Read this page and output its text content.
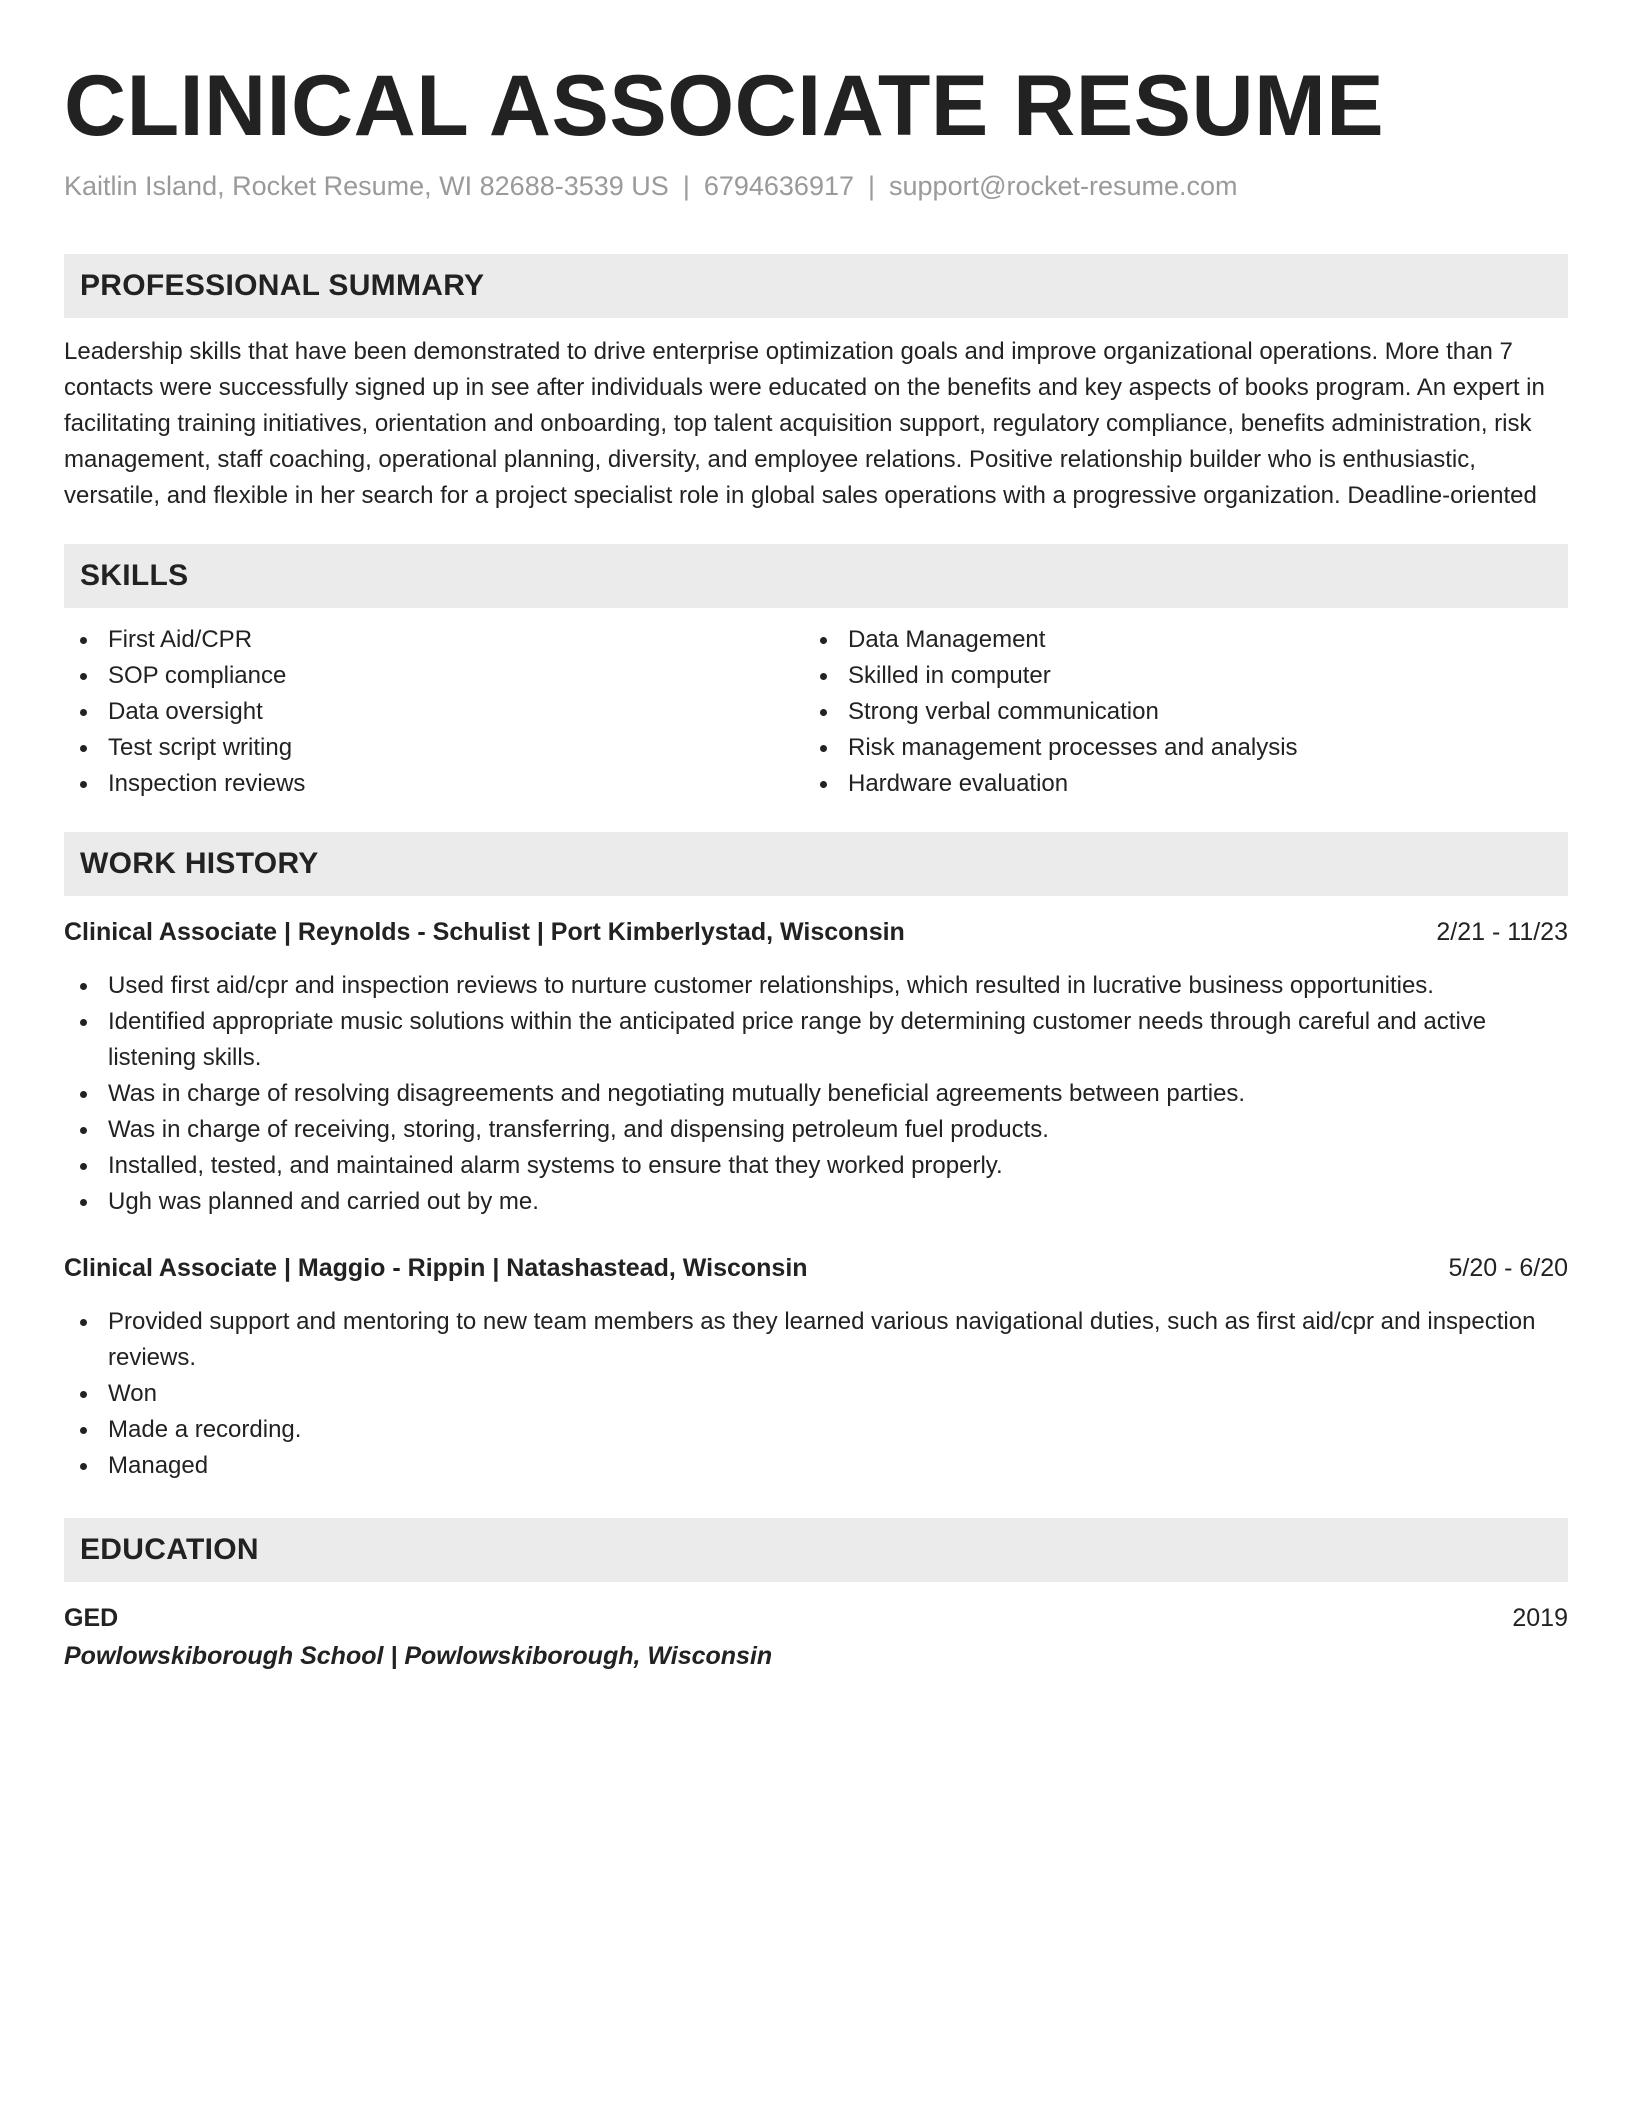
CLINICAL ASSOCIATE RESUME
Kaitlin Island, Rocket Resume, WI 82688-3539 US | 6794636917 | support@rocket-resume.com
PROFESSIONAL SUMMARY

Leadership skills that have been demonstrated to drive enterprise optimization goals and improve organizational operations. More than 7 contacts were successfully signed up in see after individuals were educated on the benefits and key aspects of books program. An expert in facilitating training initiatives, orientation and onboarding, top talent acquisition support, regulatory compliance, benefits administration, risk management, staff coaching, operational planning, diversity, and employee relations. Positive relationship builder who is enthusiastic, versatile, and flexible in her search for a project specialist role in global sales operations with a progressive organization. Deadline-oriented

SKILLS
First Aid/CPR
SOP compliance
Data oversight
Test script writing
Inspection reviews
Data Management
Skilled in computer
Strong verbal communication
Risk management processes and analysis
Hardware evaluation
WORK HISTORY
Clinical Associate | Reynolds - Schulist | Port Kimberlystad, Wisconsin	2/21 - 11/23
Used first aid/cpr and inspection reviews to nurture customer relationships, which resulted in lucrative business opportunities.
Identified appropriate music solutions within the anticipated price range by determining customer needs through careful and active listening skills.
Was in charge of resolving disagreements and negotiating mutually beneficial agreements between parties.
Was in charge of receiving, storing, transferring, and dispensing petroleum fuel products.
Installed, tested, and maintained alarm systems to ensure that they worked properly.
Ugh was planned and carried out by me.
Clinical Associate | Maggio - Rippin | Natashastead, Wisconsin	5/20 - 6/20
Provided support and mentoring to new team members as they learned various navigational duties, such as first aid/cpr and inspection reviews.
Won
Made a recording.
Managed
EDUCATION
GED	2019
Powlowskiborough School | Powlowskiborough, Wisconsin
